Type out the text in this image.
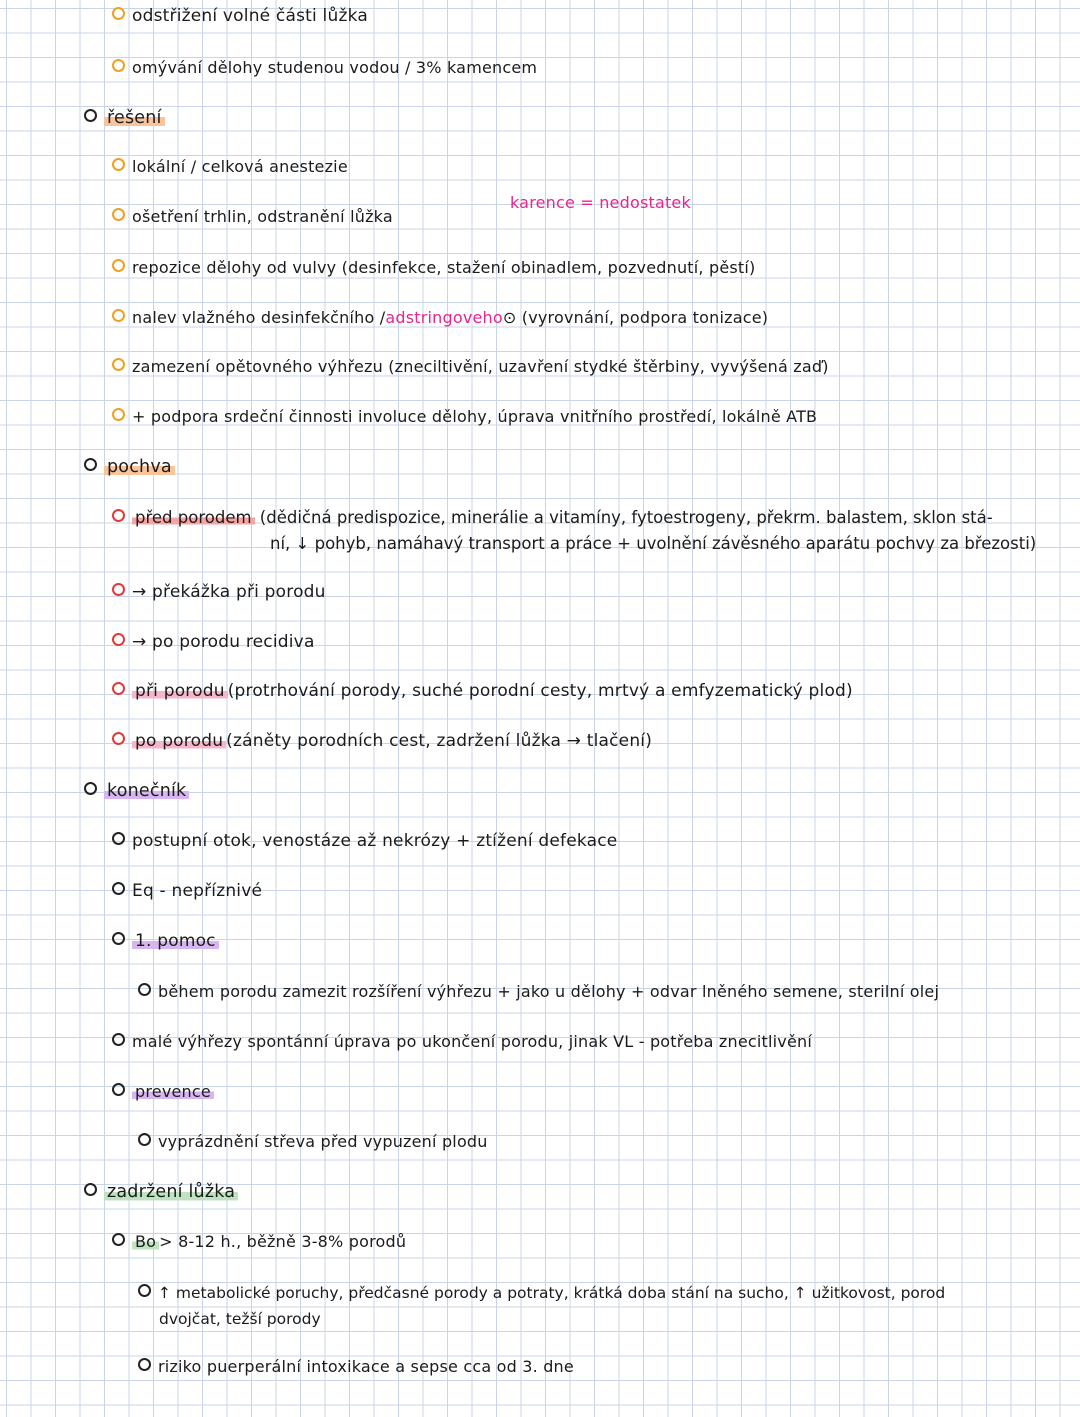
odstřižení volné části lůžka
omývání dělohy studenou vodou / 3% kamencem
řešení
lokální / celková anestezie
ošetření trhlin, odstranění lůžka
karence = nedostatek
repozice dělohy od vulvy (desinfekce, stažení obinadlem, pozvednutí, pěstí)
nalev vlažného desinfekčního / adstringoveho ⊙ (vyrovnání, podpora tonizace)
zamezení opětovného výhřezu (zneciltivění, uzavření stydké štěrbiny, vyvýšená zaď)
+ podpora srdeční činnosti involuce dělohy, úprava vnitřního prostředí, lokálně ATB
pochva
před porodem (dědičná predispozice, minerálie a vitamíny, fytoestrogeny, překrm. balastem, sklon stá-
ní, ↓ pohyb, namáhavý transport a práce + uvolnění závěsného aparátu pochvy za březosti)
→ překážka při porodu
→ po porodu recidiva
při porodu (protrhování porody, suché porodní cesty, mrtvý a emfyzematický plod)
po porodu (záněty porodních cest, zadržení lůžka → tlačení)
konečník
postupní otok, venostáze až nekrózy + ztížení defekace
Eq - nepříznivé
1. pomoc
během porodu zamezit rozšíření výhřezu + jako u dělohy + odvar lněného semene, sterilní olej
malé výhřezy spontánní úprava po ukončení porodu, jinak VL - potřeba znecitlivění
prevence
vyprázdnění střeva před vypuzení plodu
zadržení lůžka
Bo > 8-12 h., běžně 3-8% porodů
↑ metabolické poruchy, předčasné porody a potraty, krátká doba stání na sucho, ↑ užitkovost, porod
dvojčat, težší porody
riziko puerperální intoxikace a sepse cca od 3. dne
